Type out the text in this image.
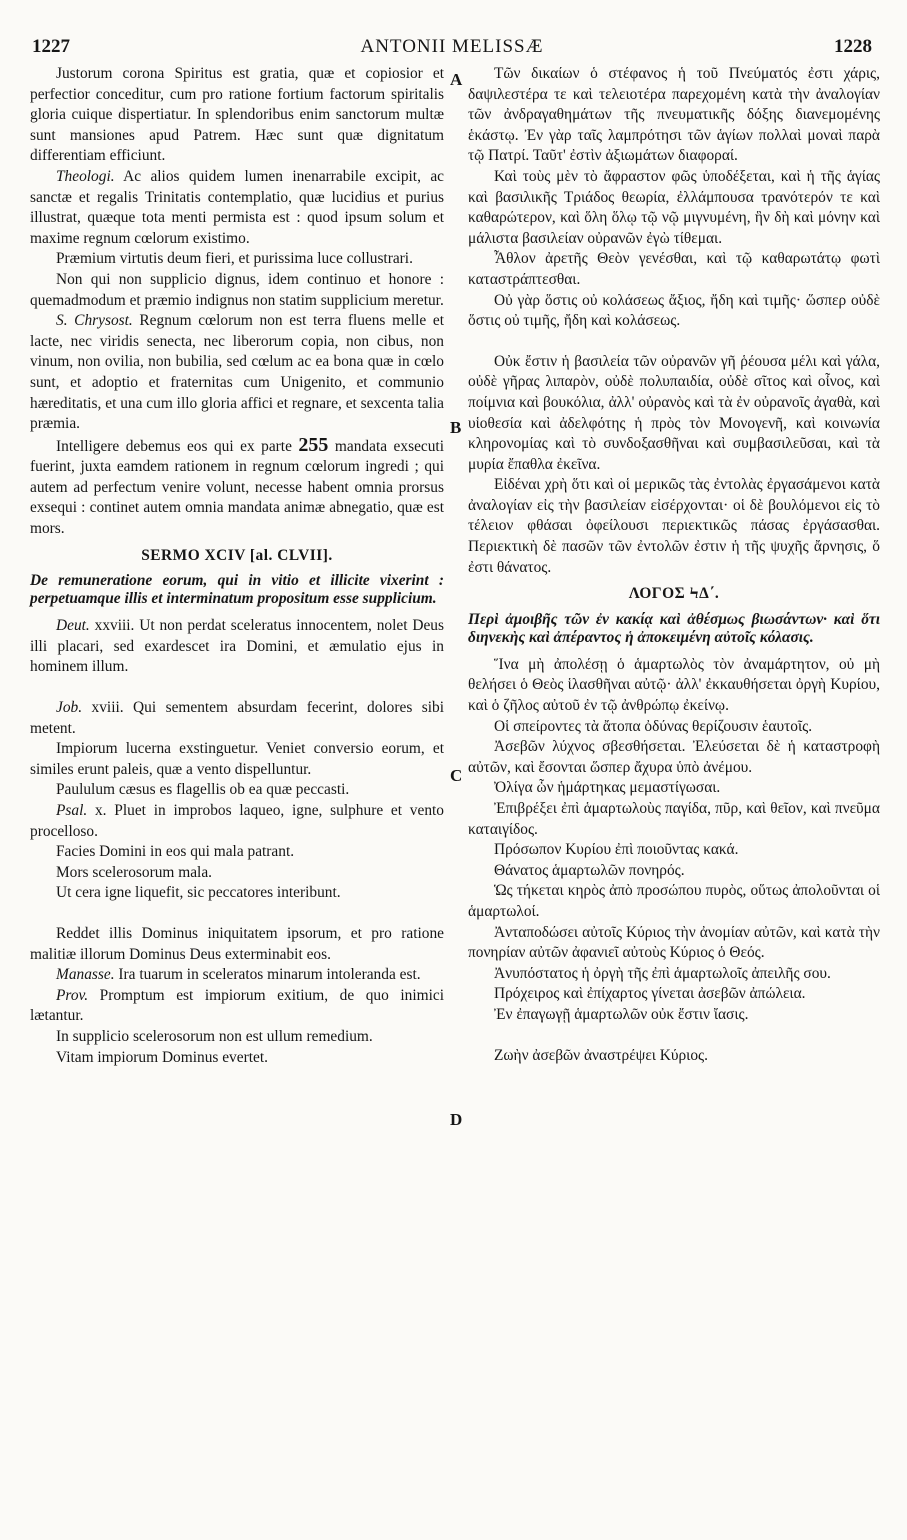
1227	ANTONII MELISSÆ	1228
A
B
C
D

Justorum corona Spiritus est gratia, quæ et copiosior et perfectior conceditur, cum pro ratione fortium factorum spiritalis gloria cuique dispertiatur. In splendoribus enim sanctorum multæ sunt mansiones apud Patrem. Hæc sunt quæ dignitatum differentiam efficiunt.

Theologi. Ac alios quidem lumen inenarrabile excipit, ac sanctæ et regalis Trinitatis contemplatio, quæ lucidius et purius illustrat, quæque tota menti permista est : quod ipsum solum et maxime regnum cœlorum existimo.

Præmium virtutis deum fieri, et purissima luce collustrari.

Non qui non supplicio dignus, idem continuo et honore : quemadmodum et præmio indignus non statim supplicium meretur.

S. Chrysost. Regnum cœlorum non est terra fluens melle et lacte, nec viridis senecta, nec liberorum copia, non cibus, non vinum, non ovilia, non bubilia, sed cœlum ac ea bona quæ in cœlo sunt, et adoptio et fraternitas cum Unigenito, et communio hæreditatis, et una cum illo gloria affici et regnare, et sexcenta talia præmia.

Intelligere debemus eos qui ex parte 255 mandata exsecuti fuerint, juxta eamdem rationem in regnum cœlorum ingredi ; qui autem ad perfectum venire volunt, necesse habent omnia prorsus exsequi : continet autem omnia mandata animæ abnegatio, quæ est mors.

SERMO XCIV [al. CLVII].

De remuneratione eorum, qui in vitio et illicite vixerint : perpetuamque illis et interminatum propositum esse supplicium.

Deut. xxviii. Ut non perdat sceleratus innocentem, nolet Deus illi placari, sed exardescet ira Domini, et æmulatio ejus in hominem illum.

Job. xviii. Qui sementem absurdam fecerint, dolores sibi metent.

Impiorum lucerna exstinguetur. Veniet conversio eorum, et similes erunt paleis, quæ a vento dispelluntur.

Paululum cæsus es flagellis ob ea quæ peccasti.

Psal. x. Pluet in improbos laqueo, igne, sulphure et vento procelloso.

Facies Domini in eos qui mala patrant.

Mors scelerosorum mala.

Ut cera igne liquefit, sic peccatores interibunt.

Reddet illis Dominus iniquitatem ipsorum, et pro ratione malitiæ illorum Dominus Deus exterminabit eos.

Manasse. Ira tuarum in sceleratos minarum intoleranda est.

Prov. Promptum est impiorum exitium, de quo inimici lætantur.

In supplicio scelerosorum non est ullum remedium.

Vitam impiorum Dominus evertet.

Τῶν δικαίων ὁ στέφανος ἡ τοῦ Πνεύματός ἐστι χάρις, δαψιλεστέρα τε καὶ τελειοτέρα παρεχομένη κατὰ τὴν ἀναλογίαν τῶν ἀνδραγαθημάτων τῆς πνευματικῆς δόξης διανεμομένης ἑκάστῳ. Ἐν γὰρ ταῖς λαμπρότησι τῶν ἁγίων πολλαὶ μοναὶ παρὰ τῷ Πατρί. Ταῦτ' ἐστὶν ἀξιωμάτων διαφοραί.

Καὶ τοὺς μὲν τὸ ἄφραστον φῶς ὑποδέξεται, καὶ ἡ τῆς ἁγίας καὶ βασιλικῆς Τριάδος θεωρία, ἐλλάμπουσα τρανότερόν τε καὶ καθαρώτερον, καὶ ὅλη ὅλῳ τῷ νῷ μιγνυμένη, ἣν δὴ καὶ μόνην καὶ μάλιστα βασιλείαν οὐρανῶν ἐγὼ τίθεμαι.

Ἆθλον ἀρετῆς Θεὸν γενέσθαι, καὶ τῷ καθαρωτάτῳ φωτὶ καταστράπτεσθαι.

Οὐ γὰρ ὅστις οὐ κολάσεως ἄξιος, ἤδη καὶ τιμῆς· ὥσπερ οὐδὲ ὅστις οὐ τιμῆς, ἤδη καὶ κολάσεως.

Οὐκ ἔστιν ἡ βασιλεία τῶν οὐρανῶν γῆ ῥέουσα μέλι καὶ γάλα, οὐδὲ γῆρας λιπαρὸν, οὐδὲ πολυπαιδία, οὐδὲ σῖτος καὶ οἶνος, καὶ ποίμνια καὶ βουκόλια, ἀλλ' οὐρανὸς καὶ τὰ ἐν οὐρανοῖς ἀγαθὰ, καὶ υἱοθεσία καὶ ἀδελφότης ἡ πρὸς τὸν Μονογενῆ, καὶ κοινωνία κληρονομίας καὶ τὸ συνδοξασθῆναι καὶ συμβασιλεῦσαι, καὶ τὰ μυρία ἔπαθλα ἐκεῖνα.

Εἰδέναι χρὴ ὅτι καὶ οἱ μερικῶς τὰς ἐντολὰς ἐργασάμενοι κατὰ ἀναλογίαν εἰς τὴν βασιλείαν εἰσέρχονται· οἱ δὲ βουλόμενοι εἰς τὸ τέλειον φθάσαι ὀφείλουσι περιεκτικῶς πάσας ἐργάσασθαι. Περιεκτικὴ δὲ πασῶν τῶν ἐντολῶν ἐστιν ἡ τῆς ψυχῆς ἄρνησις, ὅ ἐστι θάνατος.

ΛΟΓΟΣ ϞΔ΄.

Περὶ ἀμοιβῆς τῶν ἐν κακίᾳ καὶ ἀθέσμως βιωσάντων· καὶ ὅτι διηνεκὴς καὶ ἀπέραντος ἡ ἀποκειμένη αὐτοῖς κόλασις.

Ἵνα μὴ ἀπολέσῃ ὁ ἁμαρτωλὸς τὸν ἀναμάρτητον, οὐ μὴ θελήσει ὁ Θεὸς ἱλασθῆναι αὐτῷ· ἀλλ' ἐκκαυθήσεται ὀργὴ Κυρίου, καὶ ὁ ζῆλος αὐτοῦ ἐν τῷ ἀνθρώπῳ ἐκείνῳ.

Οἱ σπείροντες τὰ ἄτοπα ὀδύνας θερίζουσιν ἑαυτοῖς.

Ἀσεβῶν λύχνος σβεσθήσεται. Ἐλεύσεται δὲ ἡ καταστροφὴ αὐτῶν, καὶ ἔσονται ὥσπερ ἄχυρα ὑπὸ ἀνέμου.

Ὀλίγα ὧν ἡμάρτηκας μεμαστίγωσαι.

Ἐπιβρέξει ἐπὶ ἁμαρτωλοὺς παγίδα, πῦρ, καὶ θεῖον, καὶ πνεῦμα καταιγίδος.

Πρόσωπον Κυρίου ἐπὶ ποιοῦντας κακά.

Θάνατος ἁμαρτωλῶν πονηρός.

Ὡς τήκεται κηρὸς ἀπὸ προσώπου πυρὸς, οὕτως ἀπολοῦνται οἱ ἁμαρτωλοί.

Ἀνταποδώσει αὐτοῖς Κύριος τὴν ἀνομίαν αὐτῶν, καὶ κατὰ τὴν πονηρίαν αὐτῶν ἀφανιεῖ αὐτοὺς Κύριος ὁ Θεός.

Ἀνυπόστατος ἡ ὀργὴ τῆς ἐπὶ ἁμαρτωλοῖς ἀπειλῆς σου.

Πρόχειρος καὶ ἐπίχαρτος γίνεται ἀσεβῶν ἀπώλεια.

Ἐν ἐπαγωγῇ ἁμαρτωλῶν οὐκ ἔστιν ἴασις.

Ζωὴν ἀσεβῶν ἀναστρέψει Κύριος.
